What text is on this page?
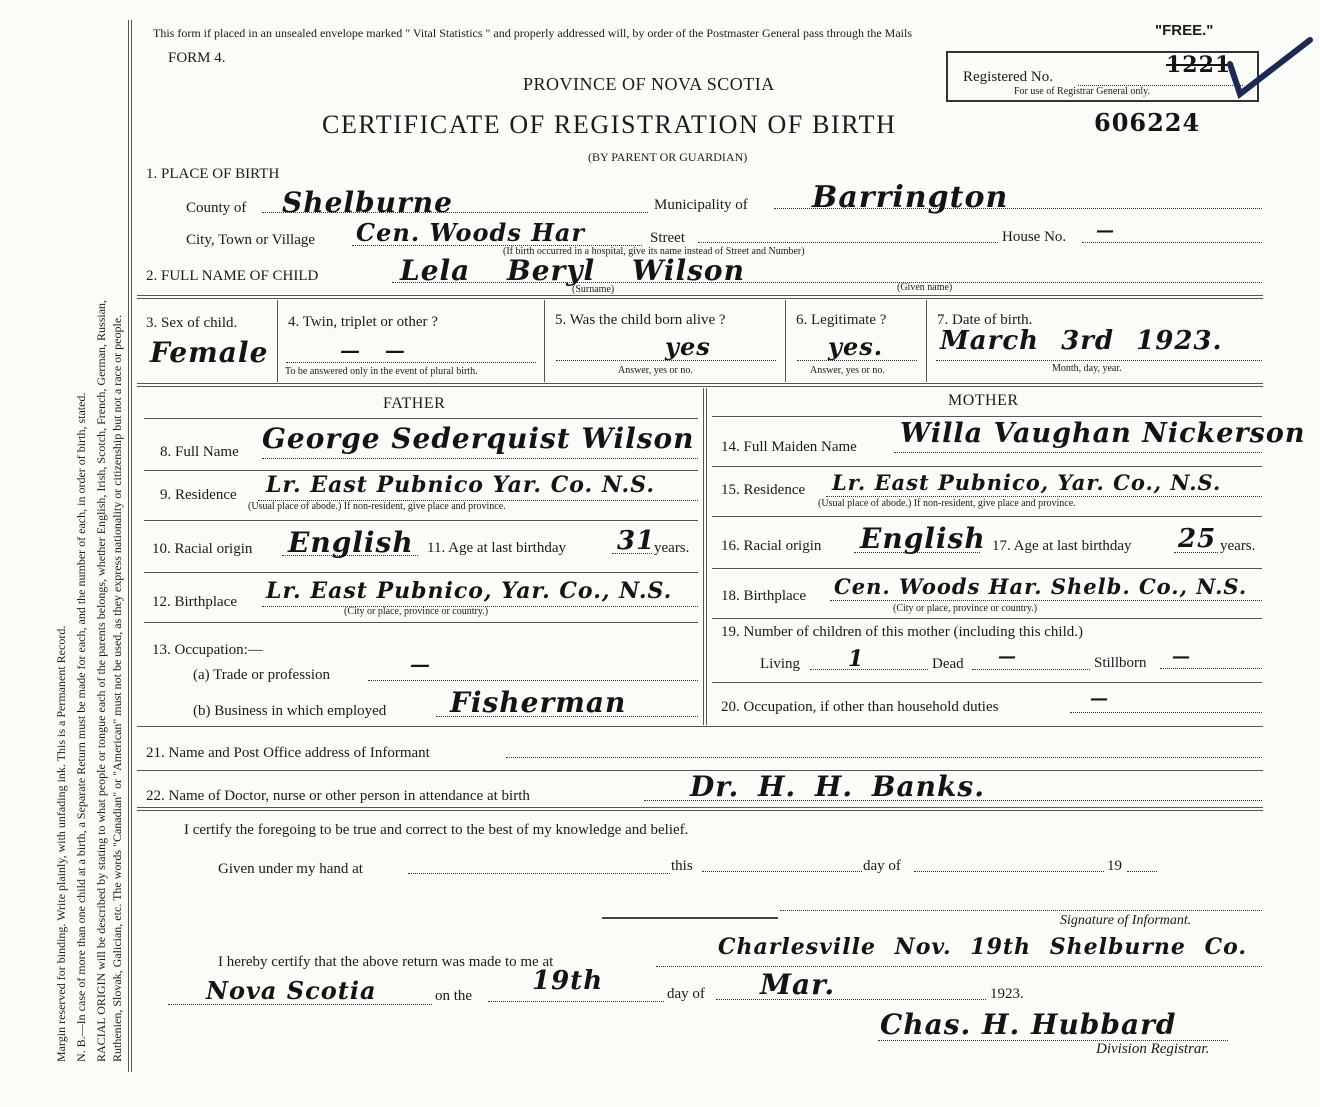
Margin reserved for binding. Write plainly, with unfading ink. This is a Permanent Record. N. B.—In case of more than one child at a birth, a Separate Return must be made for each, and the number of each, in order of birth, stated. RACIAL ORIGIN will be described by stating to what people or tongue each of the parents belongs, whether English, Irish, Scotch, French, German, Russian, Ruthenien, Slovak, Galician, etc. The words "Canadian" or "American" must not be used, as they express nationality or citizenship but not a race or people.
This form if placed in an unsealed envelope marked " Vital Statistics " and properly addressed will, by order of the Postmaster General pass through the Mails	"FREE."
FORM 4.
PROVINCE OF NOVA SCOTIA	Registered No.	1221
For use of Registrar General only.
CERTIFICATE OF REGISTRATION OF BIRTH	606224
(BY PARENT OR GUARDIAN)
1. PLACE OF BIRTH
County of Shelburne	Municipality of Barrington
City, Town or Village Cen. Woods Har	Street	House No. —
(If birth occurred in a hospital, give its name instead of Street and Number)
2. FULL NAME OF CHILD	Lela Beryl Wilson
(Surname)	(Given name)
3. Sex of child.
Female
4. Twin, triplet or other ?
—   —
To be answered only in the event of plural birth.
5. Was the child born alive ?
yes
Answer, yes or no.
6. Legitimate ?
yes.
Answer, yes or no.
7. Date of birth.
March 3rd 1923.
Month, day, year.
FATHER	MOTHER
8. Full Name George Sederquist Wilson
9. Residence Lr. East Pubnico Yar. Co. N.S.
(Usual place of abode.) If non-resident, give place and province.
10. Racial origin English 11. Age at last birthday 31
years.
12. Birthplace Lr. East Pubnico, Yar. Co., N.S.
(City or place, province or country.)
13. Occupation:—
(a) Trade or profession	—
(b) Business in which employed Fisherman
14. Full Maiden Name Willa Vaughan Nickerson
15. Residence Lr. East Pubnico, Yar. Co., N.S.
(Usual place of abode.) If non-resident, give place and province.
16. Racial origin English 17. Age at last birthday 25 years.
18. Birthplace Cen. Woods Har. Shelb. Co., N.S.
(City or place, province or country.)
19. Number of children of this mother (including this child.)
Living 1	Dead —	Stillborn —
20. Occupation, if other than household duties	—
21. Name and Post Office address of Informant
22. Name of Doctor, nurse or other person in attendance at birth	Dr. H. H. Banks.
I certify the foregoing to be true and correct to the best of my knowledge and belief.
Given under my hand at	this	day of	19
Signature of Informant.
I hereby certify that the above return was made to me at
Charlesville Nov. 19th Shelburne Co.
Nova Scotia	on the 19th	day of Mar.	1923.
Chas. H. Hubbard
Division Registrar.
